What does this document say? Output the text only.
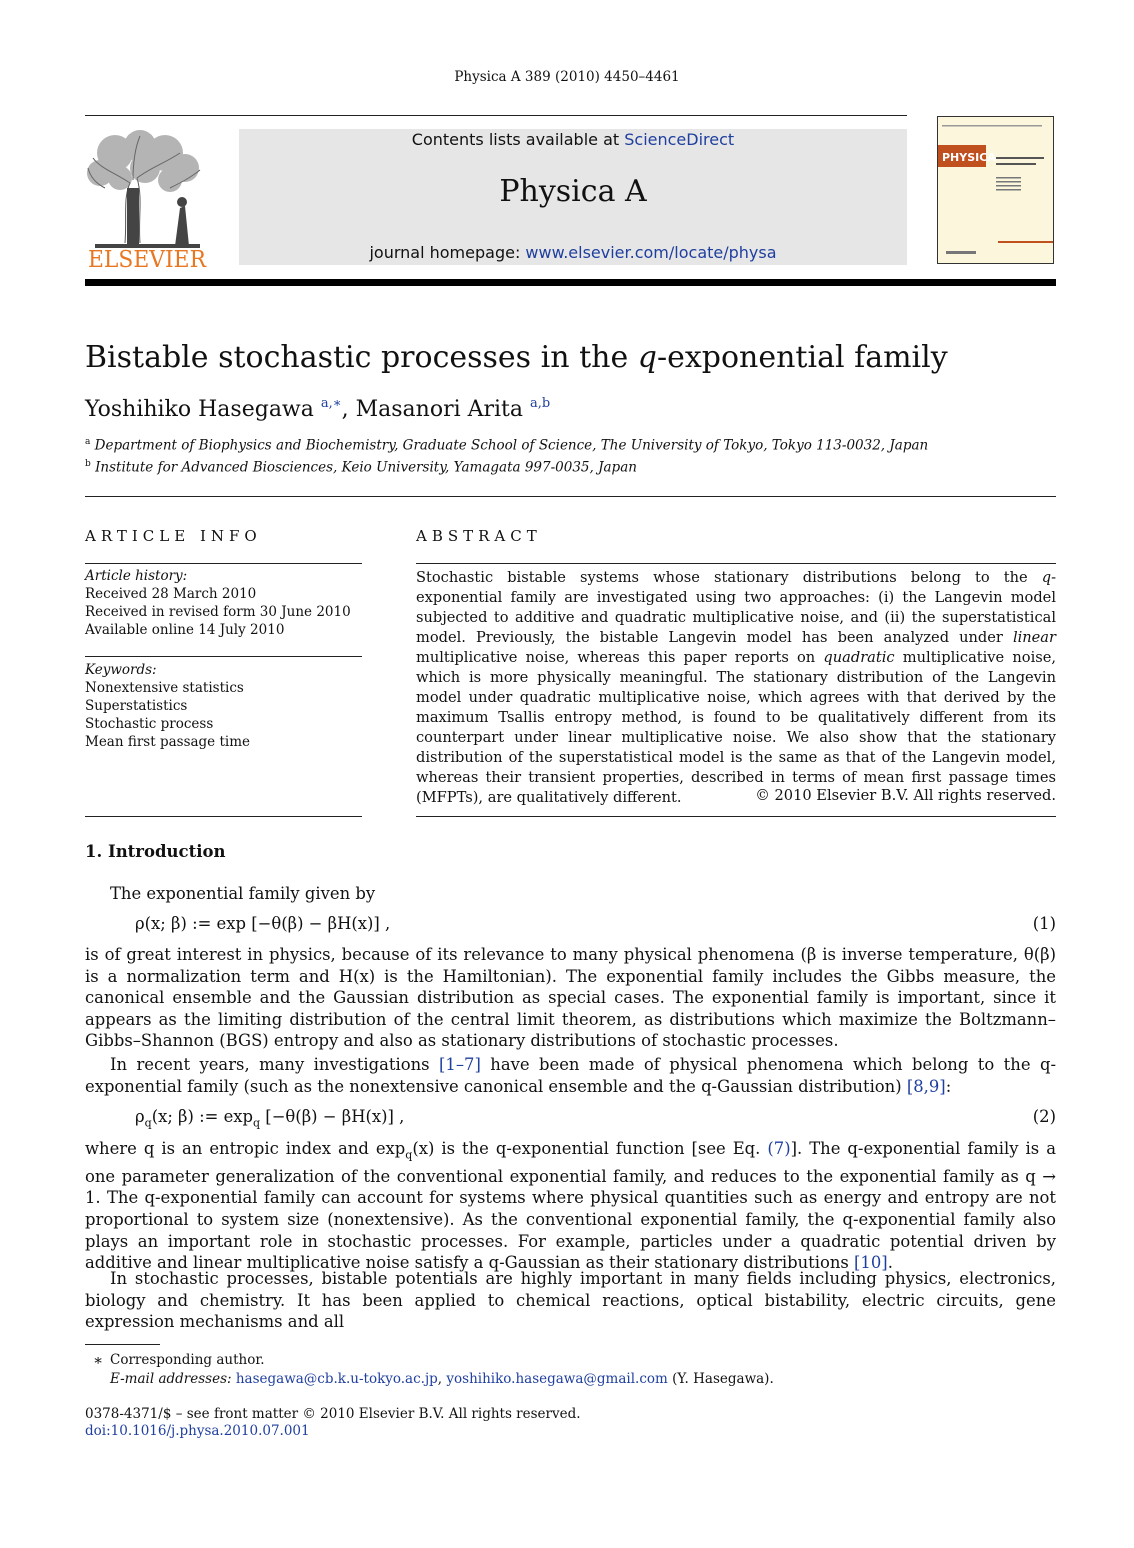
Physica A 389 (2010) 4450–4461
ELSEVIER
Contents lists available at ScienceDirect
Physica A
journal homepage: www.elsevier.com/locate/physa
PHYSICA
Bistable stochastic processes in the q-exponential family
Yoshihiko Hasegawa $^{a,∗}$, Masanori Arita $^{a,b}$
$^a$ Department of Biophysics and Biochemistry, Graduate School of Science, The University of Tokyo, Tokyo 113-0032, Japan
$^b$ Institute for Advanced Biosciences, Keio University, Yamagata 997-0035, Japan
ARTICLE INFO	ABSTRACT
Article history:
Received 28 March 2010
Received in revised form 30 June 2010
Available online 14 July 2010
Keywords:
Nonextensive statistics
Superstatistics
Stochastic process
Mean first passage time
Stochastic bistable systems whose stationary distributions belong to the q-exponential family are investigated using two approaches: (i) the Langevin model subjected to additive and quadratic multiplicative noise, and (ii) the superstatistical model. Previously, the bistable Langevin model has been analyzed under linear multiplicative noise, whereas this paper reports on quadratic multiplicative noise, which is more physically meaningful. The stationary distribution of the Langevin model under quadratic multiplicative noise, which agrees with that derived by the maximum Tsallis entropy method, is found to be qualitatively different from its counterpart under linear multiplicative noise. We also show that the stationary distribution of the superstatistical model is the same as that of the Langevin model, whereas their transient properties, described in terms of mean first passage times (MFPTs), are qualitatively different.	© 2010 Elsevier B.V. All rights reserved.
1. Introduction
The exponential family given by
ρ(x; β) := exp [−θ(β) − βH(x)] ,	(1)
is of great interest in physics, because of its relevance to many physical phenomena (β is inverse temperature, θ(β) is a normalization term and H(x) is the Hamiltonian). The exponential family includes the Gibbs measure, the canonical ensemble and the Gaussian distribution as special cases. The exponential family is important, since it appears as the limiting distribution of the central limit theorem, as distributions which maximize the Boltzmann–Gibbs–Shannon (BGS) entropy and also as stationary distributions of stochastic processes.
In recent years, many investigations [1–7] have been made of physical phenomena which belong to the q-exponential family (such as the nonextensive canonical ensemble and the q-Gaussian distribution) [8,9]:
$\rho_q(x$; β) := $\exp_q [-\theta(\beta) - \beta H(x)]$ ,	(2)
where q is an entropic index and $\exp_q(x)$ is the q-exponential function [see Eq. (7)]. The q-exponential family is a one parameter generalization of the conventional exponential family, and reduces to the exponential family as q → 1. The q-exponential family can account for systems where physical quantities such as energy and entropy are not proportional to system size (nonextensive). As the conventional exponential family, the q-exponential family also plays an important role in stochastic processes. For example, particles under a quadratic potential driven by additive and linear multiplicative noise satisfy a q-Gaussian as their stationary distributions [10].
In stochastic processes, bistable potentials are highly important in many fields including physics, electronics, biology and chemistry. It has been applied to chemical reactions, optical bistability, electric circuits, gene expression mechanisms and all
∗ Corresponding author.
E-mail addresses: hasegawa@cb.k.u-tokyo.ac.jp, yoshihiko.hasegawa@gmail.com (Y. Hasegawa).
0378-4371/$ – see front matter © 2010 Elsevier B.V. All rights reserved.
doi:10.1016/j.physa.2010.07.001
